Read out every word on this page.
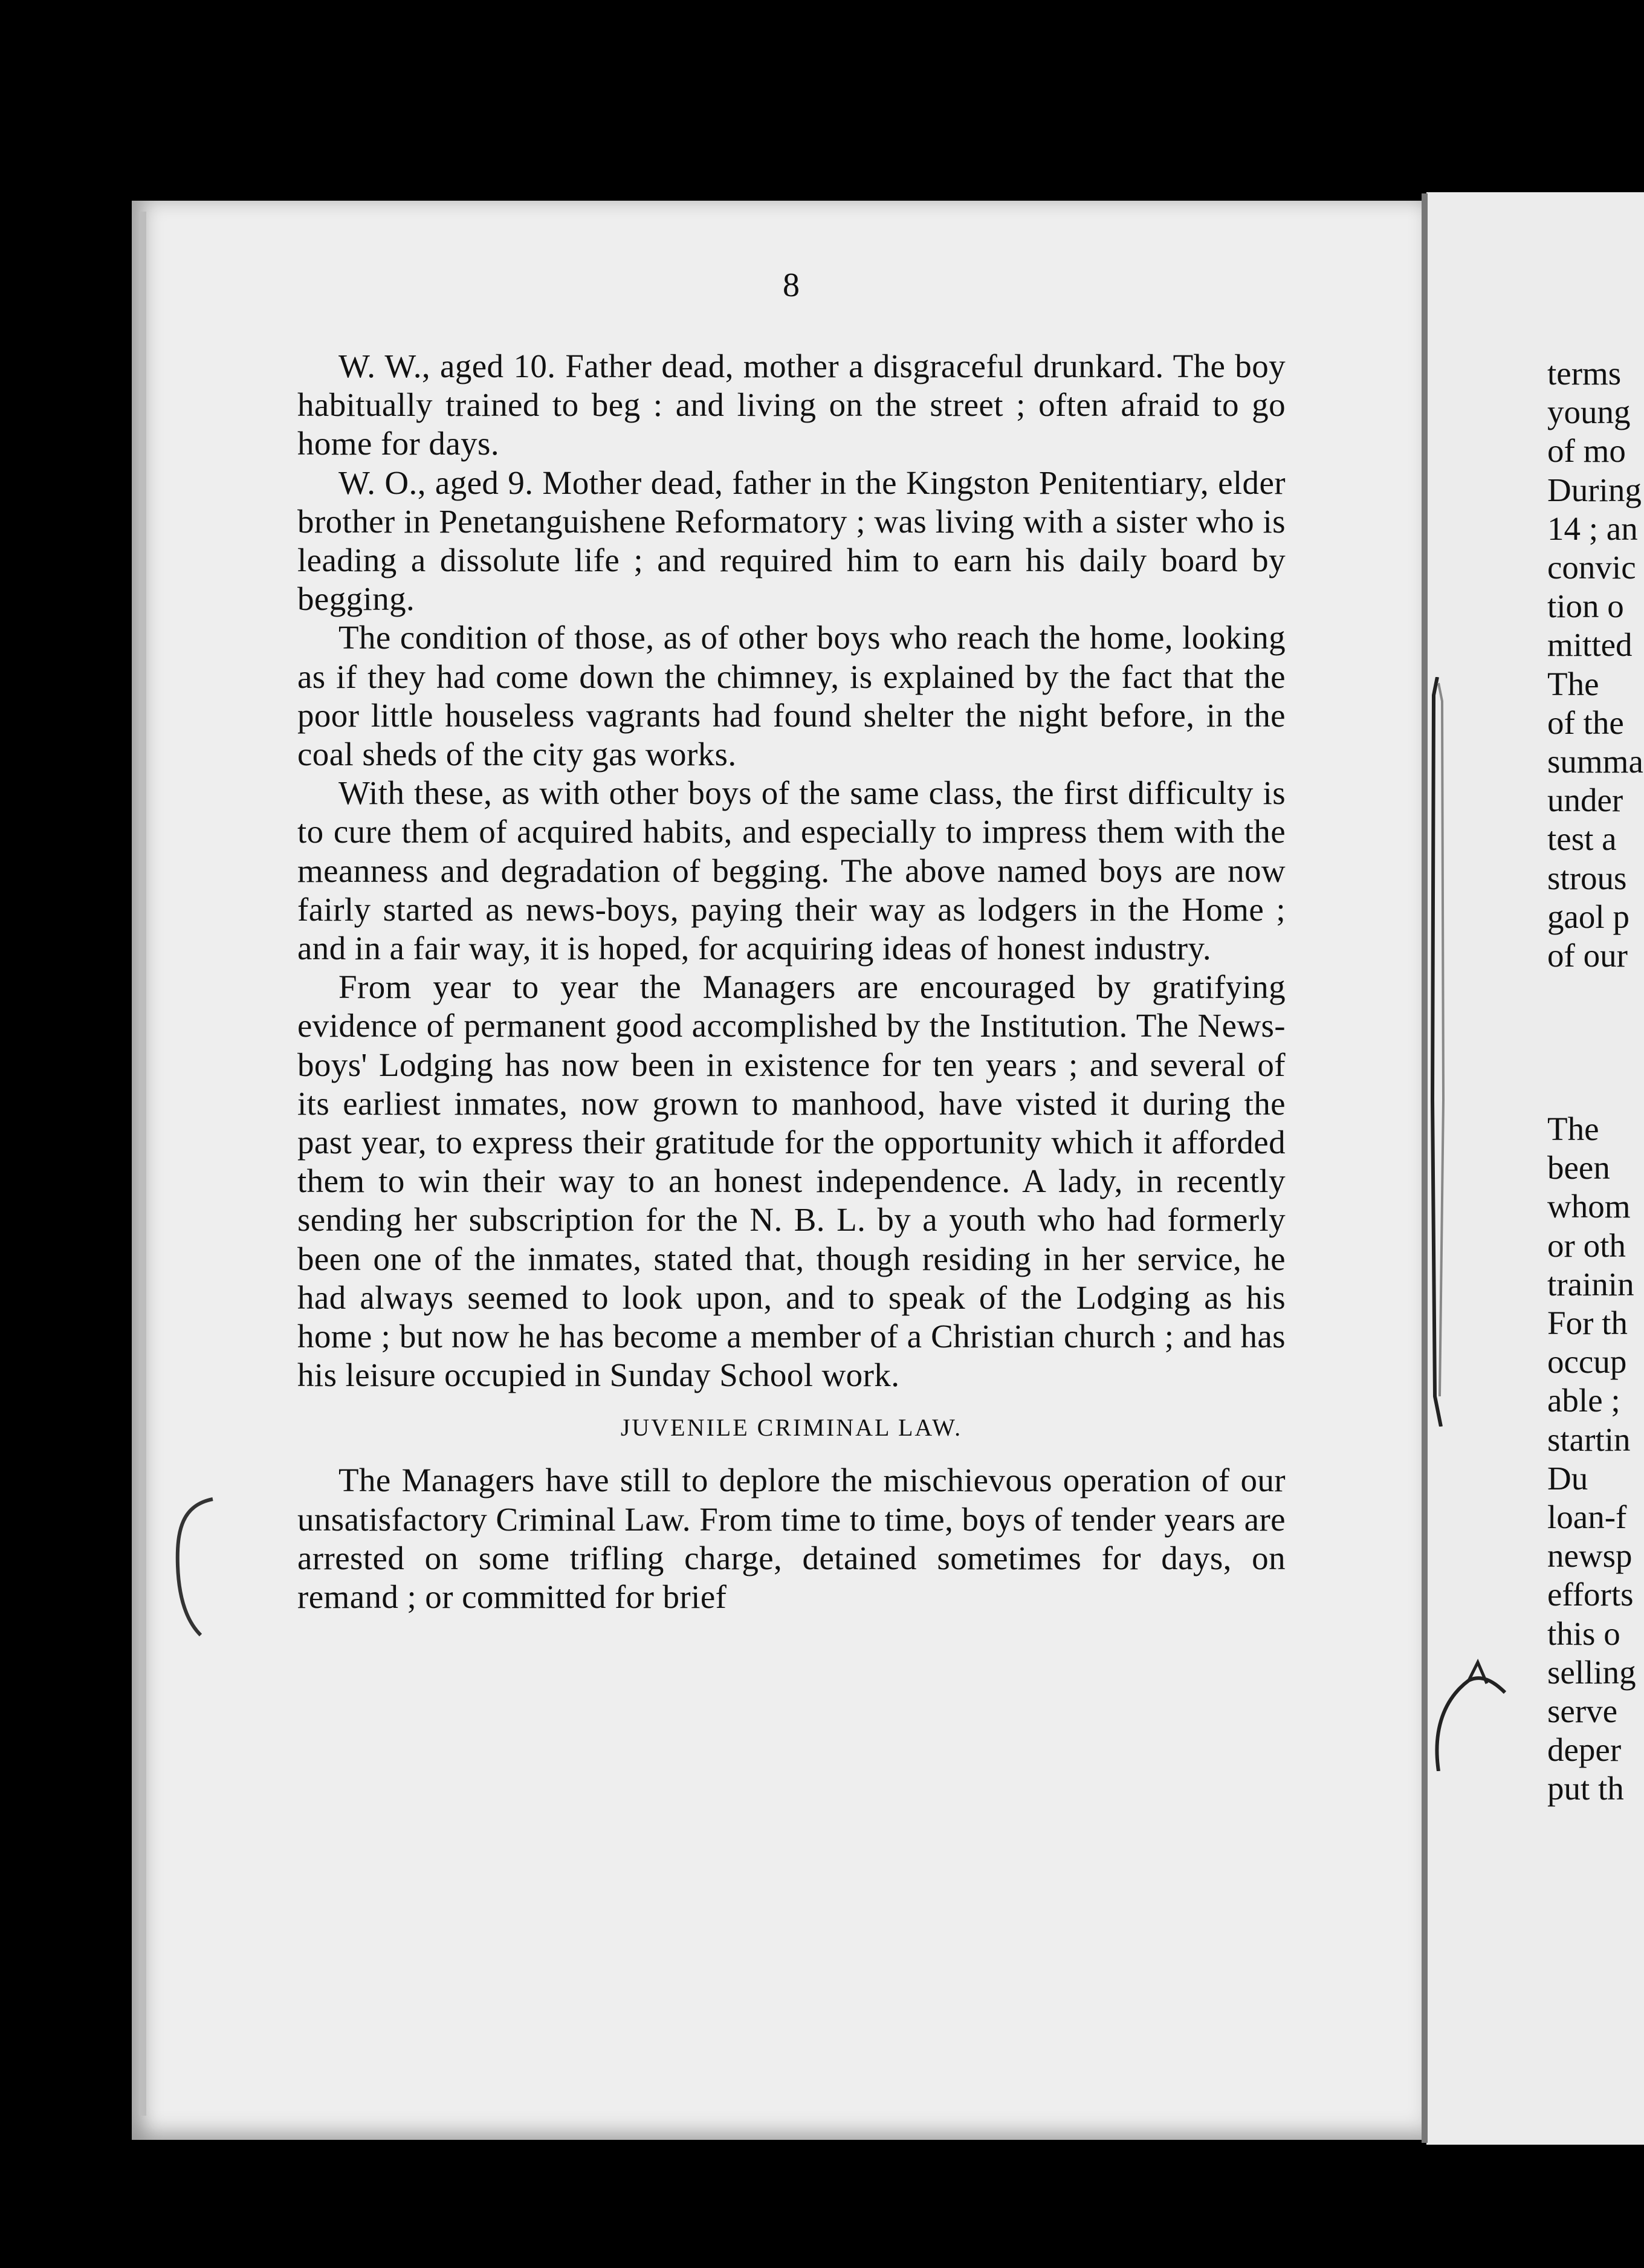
8

W. W., aged 10. Father dead, mother a disgraceful drunkard. The boy habitually trained to beg : and living on the street ; often afraid to go home for days.

W. O., aged 9. Mother dead, father in the Kingston Penitentiary, elder brother in Penetanguishene Reformatory ; was living with a sister who is leading a dissolute life ; and required him to earn his daily board by begging.

The condition of those, as of other boys who reach the home, looking as if they had come down the chimney, is explained by the fact that the poor little houseless vagrants had found shelter the night before, in the coal sheds of the city gas works.

With these, as with other boys of the same class, the first difficulty is to cure them of acquired habits, and especially to impress them with the meanness and degradation of begging. The above named boys are now fairly started as news-boys, paying their way as lodgers in the Home ; and in a fair way, it is hoped, for acquiring ideas of honest industry.

From year to year the Managers are encouraged by gratifying evidence of permanent good accomplished by the Institution. The News-boys' Lodging has now been in existence for ten years ; and several of its earliest inmates, now grown to manhood, have visted it during the past year, to express their gratitude for the opportunity which it afforded them to win their way to an honest independence. A lady, in recently sending her subscription for the N. B. L. by a youth who had formerly been one of the inmates, stated that, though residing in her service, he had always seemed to look upon, and to speak of the Lodging as his home ; but now he has become a member of a Christian church ; and has his leisure occupied in Sunday School work.

JUVENILE CRIMINAL LAW.

The Managers have still to deplore the mischievous operation of our unsatisfactory Criminal Law. From time to time, boys of tender years are arrested on some trifling charge, detained sometimes for days, on remand ; or committed for brief

terms
young
of mo
During
14 ; an
convic
tion o
mitted
The
of the
summa
under
test a
strous
gaol p
of our
The
been
whom
or oth
trainin
For th
occup
able ;
startin
Du
loan-f
newsp
efforts
this o
selling
serve
deper
put th
